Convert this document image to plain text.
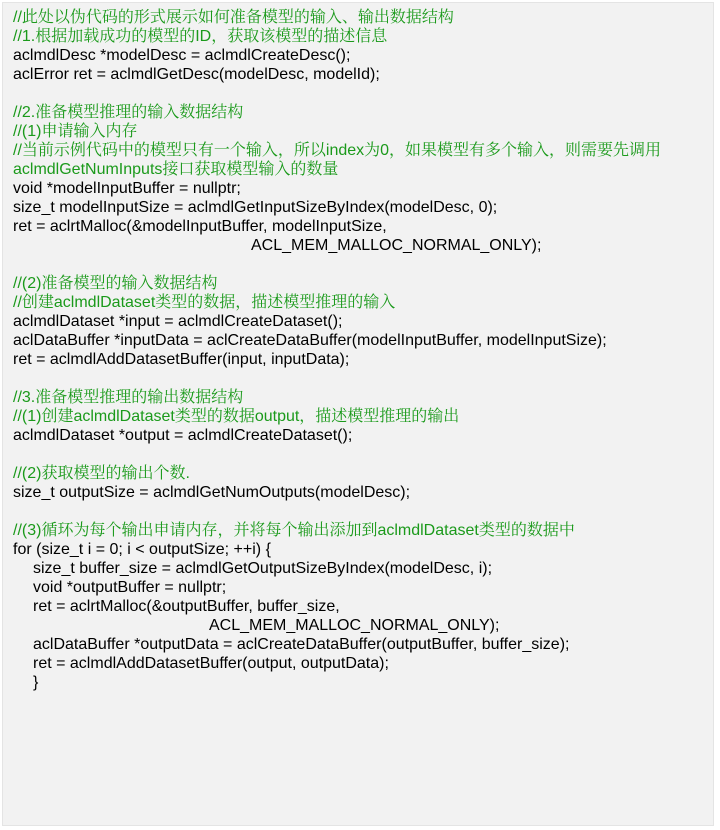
//此处以伪代码的形式展示如何准备模型的输入、输出数据结构
//1.根据加载成功的模型的ID，获取该模型的描述信息
aclmdlDesc *modelDesc = aclmdlCreateDesc();
aclError ret = aclmdlGetDesc(modelDesc, modelId);
//2.准备模型推理的输入数据结构
//(1)申请输入内存
//当前示例代码中的模型只有一个输入，所以index为0，如果模型有多个输入，则需要先调用
aclmdlGetNumInputs接口获取模型输入的数量
void *modelInputBuffer = nullptr;
size_t modelInputSize = aclmdlGetInputSizeByIndex(modelDesc, 0);
ret = aclrtMalloc(&modelInputBuffer, modelInputSize,
ACL_MEM_MALLOC_NORMAL_ONLY);
//(2)准备模型的输入数据结构
//创建aclmdlDataset类型的数据，描述模型推理的输入
aclmdlDataset *input = aclmdlCreateDataset();
aclDataBuffer *inputData = aclCreateDataBuffer(modelInputBuffer, modelInputSize);
ret = aclmdlAddDatasetBuffer(input, inputData);
//3.准备模型推理的输出数据结构
//(1)创建aclmdlDataset类型的数据output，描述模型推理的输出
aclmdlDataset *output = aclmdlCreateDataset();
//(2)获取模型的输出个数.
size_t outputSize = aclmdlGetNumOutputs(modelDesc);
//(3)循环为每个输出申请内存，并将每个输出添加到aclmdlDataset类型的数据中
for (size_t i = 0; i < outputSize; ++i) {
size_t buffer_size = aclmdlGetOutputSizeByIndex(modelDesc, i);
void *outputBuffer = nullptr;
ret = aclrtMalloc(&outputBuffer, buffer_size,
ACL_MEM_MALLOC_NORMAL_ONLY);
aclDataBuffer *outputData = aclCreateDataBuffer(outputBuffer, buffer_size);
ret = aclmdlAddDatasetBuffer(output, outputData);
}
